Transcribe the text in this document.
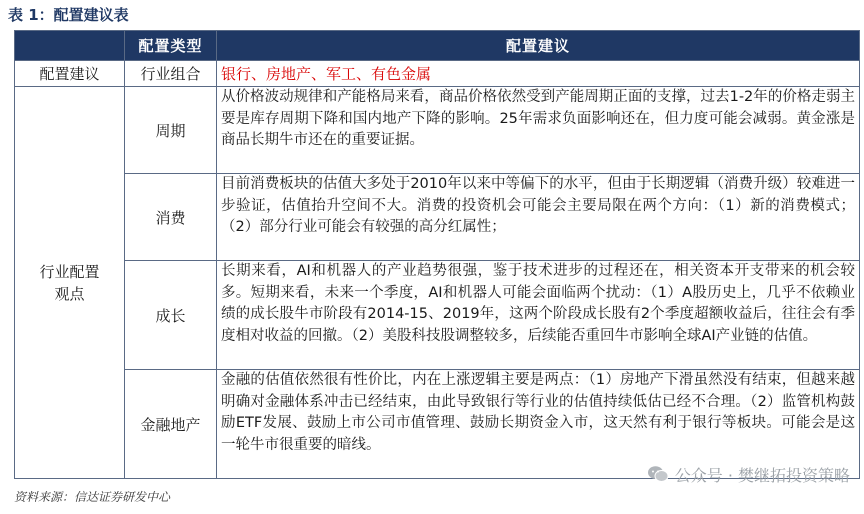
表 1：配置建议表
	配置类型	配置建议
配置建议	行业组合	银行、房地产、军工、有色金属
行业配置
观点	周期	从价格波动规律和产能格局来看，商品价格依然受到产能周期正面的支撑，过去1-2年的价格走弱主要是库存周期下降和国内地产下降的影响。25年需求负面影响还在，但力度可能会减弱。黄金涨是商品长期牛市还在的重要证据。
	消费	目前消费板块的估值大多处于2010年以来中等偏下的水平，但由于长期逻辑（消费升级）较难进一步验证，估值抬升空间不大。消费的投资机会可能会主要局限在两个方向：（1）新的消费模式；（2）部分行业可能会有较强的高分红属性；
	成长	长期来看，AI和机器人的产业趋势很强，鉴于技术进步的过程还在，相关资本开支带来的机会较多。短期来看，未来一个季度，AI和机器人可能会面临两个扰动：（1）A股历史上，几乎不依赖业绩的成长股牛市阶段有2014-15、2019年，这两个阶段成长股有2个季度超额收益后，往往会有季度相对收益的回撤。（2）美股科技股调整较多，后续能否重回牛市影响全球AI产业链的估值。
	金融地产	金融的估值依然很有性价比，内在上涨逻辑主要是两点：（1）房地产下滑虽然没有结束，但越来越明确对金融体系冲击已经结束，由此导致银行等行业的估值持续低估已经不合理。（2）监管机构鼓励ETF发展、鼓励上市公司市值管理、鼓励长期资金入市，这天然有利于银行等板块。可能会是这一轮牛市很重要的暗线。
资料来源：信达证券研发中心
公众号 · 樊继拓投资策略
